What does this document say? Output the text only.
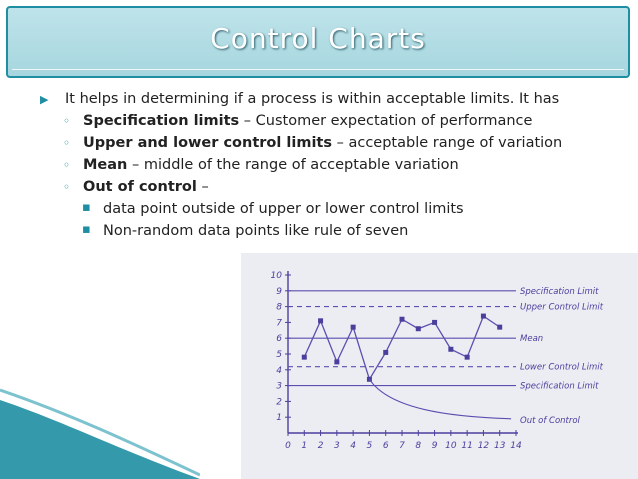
Control Charts
▶ It helps in determining if a process is within acceptable limits. It has
◦ Specification limits – Customer expectation of performance
◦ Upper and lower control limits – acceptable range of variation
◦ Mean – middle of the range of acceptable variation
◦ Out of control –
▪ data point outside of upper or lower control limits
▪ Non-random data points like rule of seven
1
2
3
4
5
6
7
8
9
10
0 1 2 3 4 5 6 7 8 9 10 11 12 13 14
Specification Limit
Upper Control Limit
Mean
Lower Control Limit
Specification Limit
Out of Control
